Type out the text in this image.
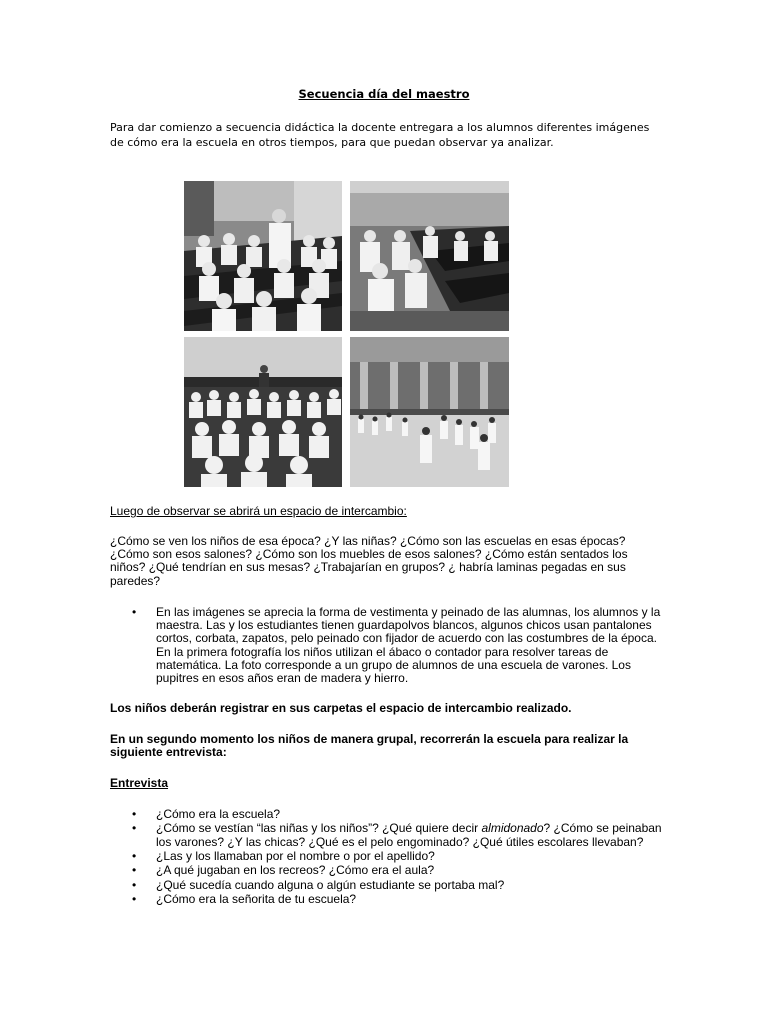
Secuencia día del maestro
Para dar comienzo a secuencia didáctica la docente entregara a los alumnos diferentes imágenes de cómo era la escuela en otros tiempos, para que puedan observar ya analizar.
Luego de observar se abrirá un espacio de intercambio:
¿Cómo se ven los niños de esa época? ¿Y las niñas? ¿Cómo son las escuelas en esas épocas? ¿Cómo son esos salones? ¿Cómo son los muebles de esos salones? ¿Cómo están sentados los niños? ¿Qué tendrían en sus mesas? ¿Trabajarían en grupos? ¿ habría laminas pegadas en sus paredes?
• En las imágenes se aprecia la forma de vestimenta y peinado de las alumnas, los alumnos y la maestra. Las y los estudiantes tienen guardapolvos blancos, algunos chicos usan pantalones cortos, corbata, zapatos, pelo peinado con fijador de acuerdo con las costumbres de la época. En la primera fotografía los niños utilizan el ábaco o contador para resolver tareas de matemática. La foto corresponde a un grupo de alumnos de una escuela de varones. Los pupitres en esos años eran de madera y hierro.
Los niños deberán registrar en sus carpetas el espacio de intercambio realizado.
En un segundo momento los niños de manera grupal, recorrerán la escuela para realizar la siguiente entrevista:
Entrevista
• ¿Cómo era la escuela?
• ¿Cómo se vestían “las niñas y los niños”? ¿Qué quiere decir almidonado? ¿Cómo se peinaban los varones? ¿Y las chicas? ¿Qué es el pelo engominado? ¿Qué útiles escolares llevaban?
• ¿Las y los llamaban por el nombre o por el apellido?
• ¿A qué jugaban en los recreos? ¿Cómo era el aula?
• ¿Qué sucedía cuando alguna o algún estudiante se portaba mal?
• ¿Cómo era la señorita de tu escuela?
